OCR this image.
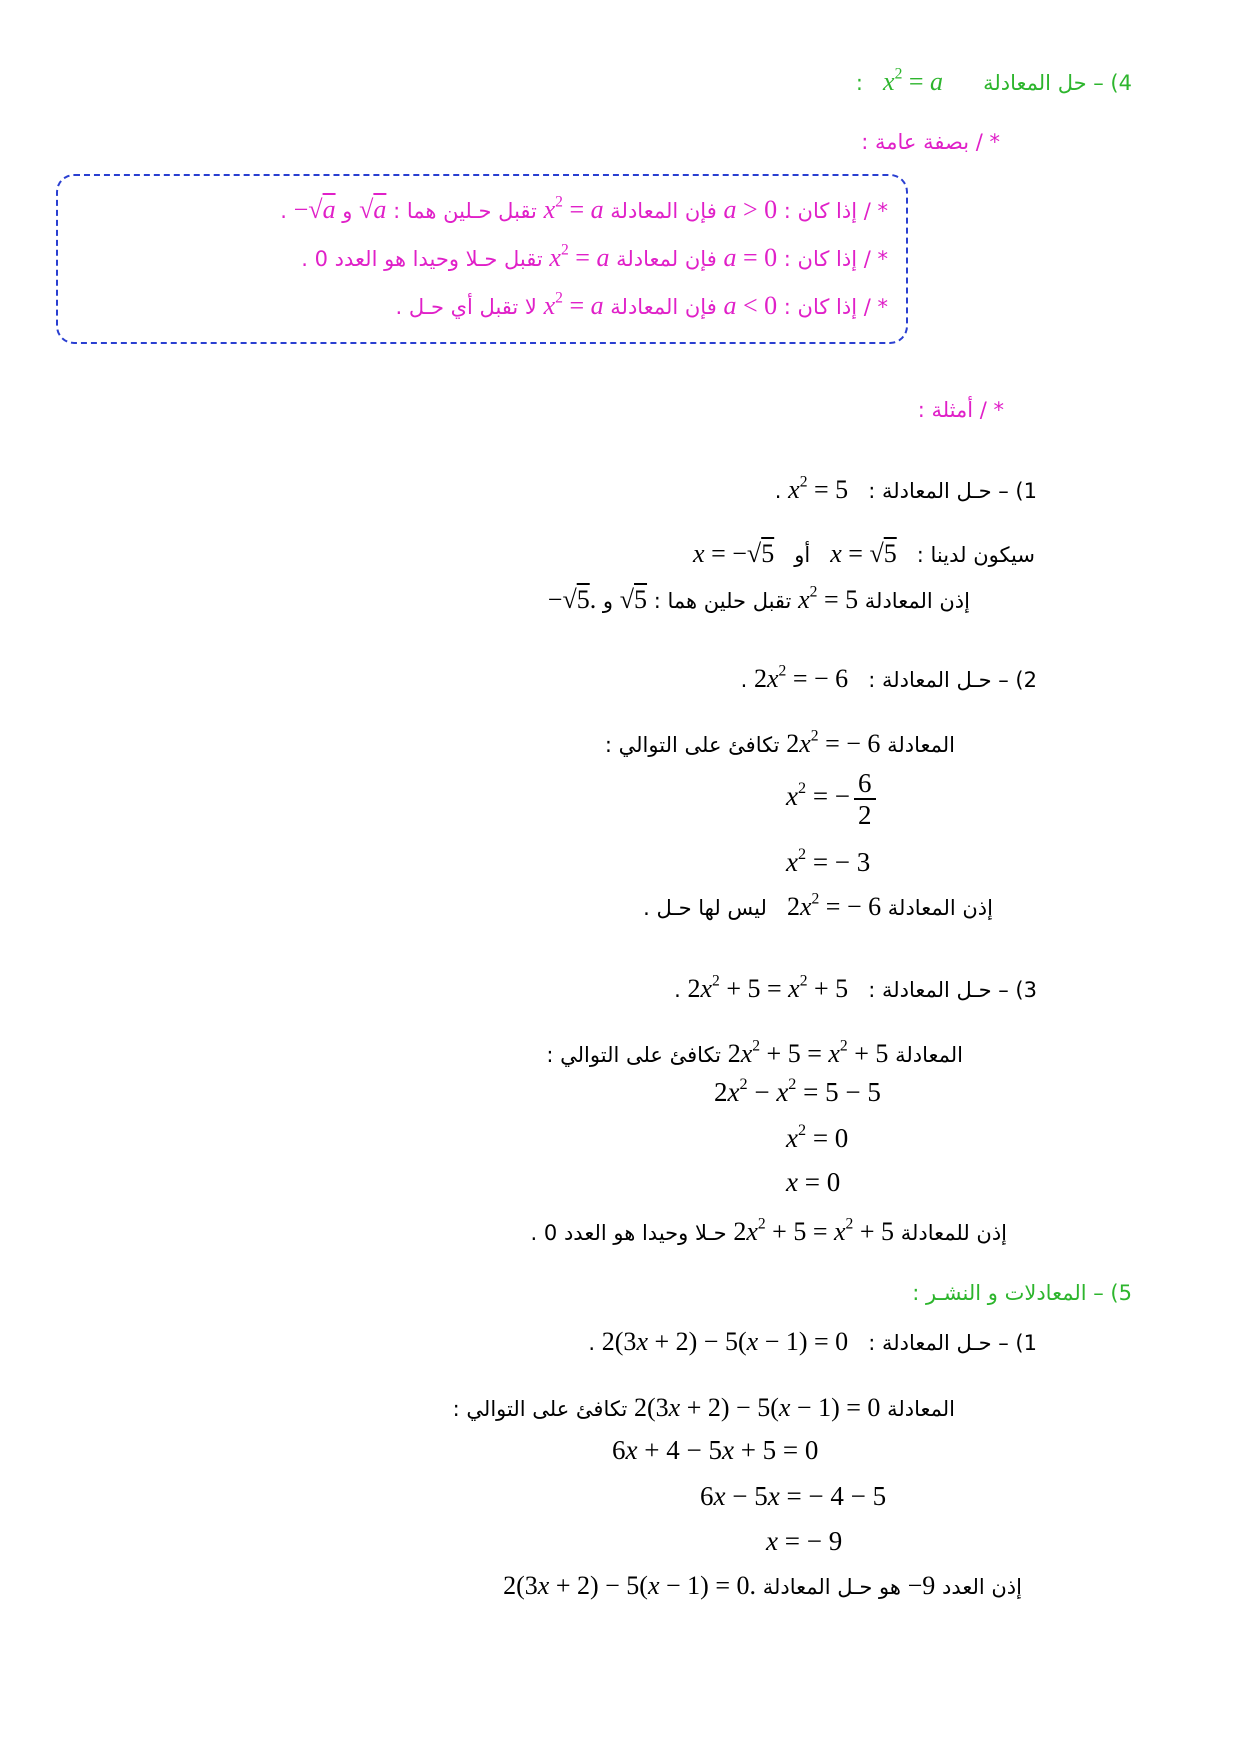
4) – حل المعادلة      $x^2 = a$   :
* / بصفة عامة :
* / إذا كان : a > 0 فإن المعادلة $x^2 = a$ تقبل حـلين هما : √a و −√a .
* / إذا كان : a = 0 فإن لمعادلة $x^2 = a$ تقبل حـلا وحيدا هو العدد 0 .
* / إذا كان : a < 0 فإن المعادلة $x^2 = a$ لا تقبل أي حـل .
* / أمثلة :
1) – حـل المعادلة :   $x^2 = 5$ .
سيكون لدينا :   x = √5   أو   x = −√5
إذن المعادلة $x^2 = 5$ تقبل حلين هما : √5 و −√5.
2) – حـل المعادلة :   $2x^2$ = − 6 .
المعادلة $2x^2$ = − 6 تكافئ على التوالي :
$x^2$ = − $\frac{6}{2}$
$x^2$ = − 3
إذن المعادلة $2x^2$ = − 6   ليس لها حـل .
3) – حـل المعادلة :   $2x^2 + 5 = x^2 + 5$ .
المعادلة $2x^2 + 5 = x^2 + 5$ تكافئ على التوالي :
$2x^2 - x^2 = 5 - 5$
$x^2 = 0$
x = 0
إذن للمعادلة $2x^2 + 5 = x^2 + 5$ حـلا وحيدا هو العدد 0 .
5) – المعادلات و النشـر :
1) – حـل المعادلة :   2(3x + 2) − 5(x − 1) = 0 .
المعادلة 2(3x + 2) − 5(x − 1) = 0 تكافئ على التوالي :
6x + 4 − 5x + 5 = 0
6x − 5x = − 4 − 5
x = − 9
إذن العدد −9 هو حـل المعادلة 2(3x + 2) − 5(x − 1) = 0.
